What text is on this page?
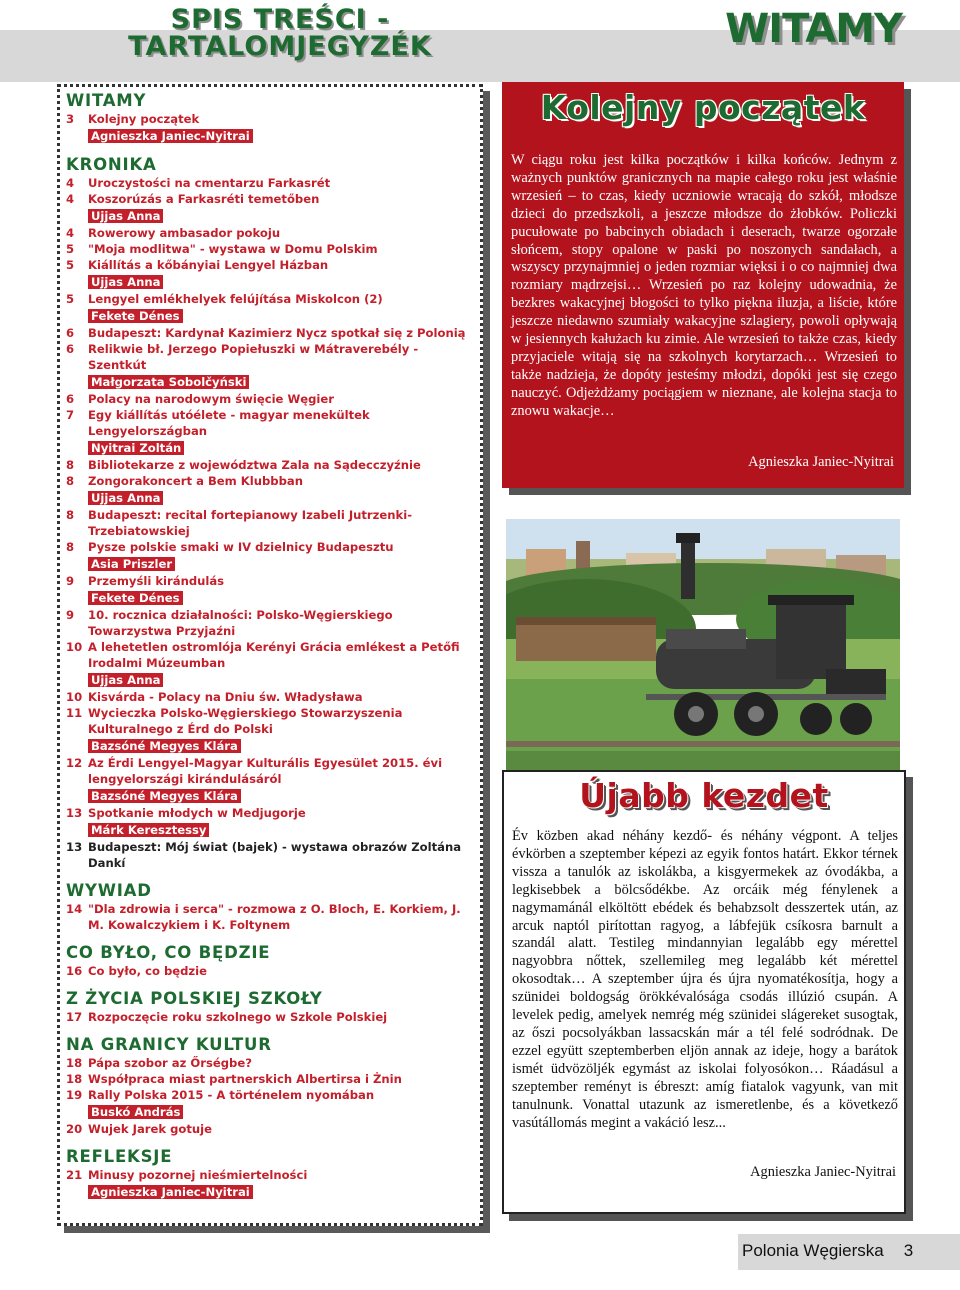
SPIS TREŚCI -
TARTALOMJEGYZÉK	WITAMY
WITAMY
3 Kolejny początek
Agnieszka Janiec-Nyitrai
KRONIKA
4 Uroczystości na cmentarzu Farkasrét
4 Koszorúzás a Farkasréti temetőben
Ujjas Anna
4 Rowerowy ambasador pokoju
5 "Moja modlitwa" - wystawa w Domu Polskim
5 Kiállítás a kőbányiai Lengyel Házban
Ujjas Anna
5 Lengyel emlékhelyek felújítása Miskolcon (2)
Fekete Dénes
6 Budapeszt: Kardynał Kazimierz Nycz spotkał się z Polonią
6 Relikwie bł. Jerzego Popiełuszki w Mátraverebély - Szentkút
Małgorzata Sobolčyński
6 Polacy na narodowym święcie Węgier
7 Egy kiállítás utóélete - magyar menekültek Lengyelországban
Nyitrai Zoltán
8 Bibliotekarze z województwa Zala na Sądecczyźnie
8 Zongorakoncert a Bem Klubbban
Ujjas Anna
8 Budapeszt: recital fortepianowy Izabeli Jutrzenki-Trzebiatowskiej
8 Pysze polskie smaki w IV dzielnicy Budapesztu
Asia Priszler
9 Przemyśli kirándulás
Fekete Dénes
9 10. rocznica działalności: Polsko-Węgierskiego Towarzystwa Przyjaźni
10 A lehetetlen ostromlója Kerényi Grácia emlékest a Petőfi Irodalmi Múzeumban
Ujjas Anna
10 Kisvárda - Polacy na Dniu św. Władysława
11 Wycieczka Polsko-Węgierskiego Stowarzyszenia Kulturalnego z Érd do Polski
Bazsóné Megyes Klára
12 Az Érdi Lengyel-Magyar Kulturális Egyesület 2015. évi lengyelországi kirándulásáról
Bazsóné Megyes Klára
13 Spotkanie młodych w Medjugorje
Márk Keresztessy
13 Budapeszt: Mój świat (bajek) - wystawa obrazów Zoltána Dankí
WYWIAD
14 "Dla zdrowia i serca" - rozmowa z O. Bloch, E. Korkiem, J. M. Kowalczykiem i K. Foltynem
CO BYŁO, CO BĘDZIE
16 Co było, co będzie
Z ŻYCIA POLSKIEJ SZKOŁY
17 Rozpoczęcie roku szkolnego w Szkole Polskiej
NA GRANICY KULTUR
18 Pápa szobor az Őrségbe?
18 Współpraca miast partnerskich Albertirsa i Żnin
19 Rally Polska 2015 - A történelem nyomában
Buskó András
20 Wujek Jarek gotuje
REFLEKSJE
21 Minusy pozornej nieśmiertelności
Agnieszka Janiec-Nyitrai
Kolejny początek
W ciągu roku jest kilka początków i kilka końców. Jednym z ważnych punktów granicznych na mapie całego roku jest właśnie wrzesień – to czas, kiedy uczniowie wracają do szkół, młodsze dzieci do przedszkoli, a jeszcze młodsze do żłobków. Policzki pucułowate po babcinych obiadach i deserach, twarze ogorzałe słońcem, stopy opalone w paski po noszonych sandałach, a wszyscy przynajmniej o jeden rozmiar więksi i o co najmniej dwa rozmiary mądrzejsi… Wrzesień po raz kolejny udowadnia, że bezkres wakacyjnej błogości to tylko piękna iluzja, a liście, które jeszcze niedawno szumiały wakacyjne szlagiery, powoli opływają w jesiennych kałużach ku zimie. Ale wrzesień to także czas, kiedy przyjaciele witają się na szkolnych korytarzach… Wrzesień to także nadzieja, że dopóty jesteśmy młodzi, dopóki jest się czego nauczyć. Odjeżdżamy pociągiem w nieznane, ale kolejna stacja to znowu wakacje…
Agnieszka Janiec-Nyitrai
Újabb kezdet
Év közben akad néhány kezdő- és néhány végpont. A teljes évkörben a szeptember képezi az egyik fontos határt. Ekkor térnek vissza a tanulók az iskolákba, a kisgyermekek az óvodákba, a legkisebbek a bölcsődékbe. Az orcáik még fénylenek a nagymamánál elköltött ebédek és behabzsolt desszertek után, az arcuk naptól pirítottan ragyog, a lábfejük csíkosra barnult a szandál alatt. Testileg mindannyian legalább egy mérettel nagyobbra nőttek, szellemileg meg legalább két mérettel okosodtak… A szeptember újra és újra nyomatékosítja, hogy a szünidei boldogság örökkévalósága csodás illúzió csupán. A levelek pedig, amelyek nemrég még szünidei slágereket susogtak, az őszi pocsolyákban lassacskán már a tél felé sodródnak. De ezzel együtt szeptemberben eljön annak az ideje, hogy a barátok ismét üdvözöljék egymást az iskolai folyosókon… Ráadásul a szeptember reményt is ébreszt: amíg fiatalok vagyunk, van mit tanulnunk. Vonattal utazunk az ismeretlenbe, és a következő vasútállomás megint a vakáció lesz...
Agnieszka Janiec-Nyitrai
Polonia Węgierska 3
